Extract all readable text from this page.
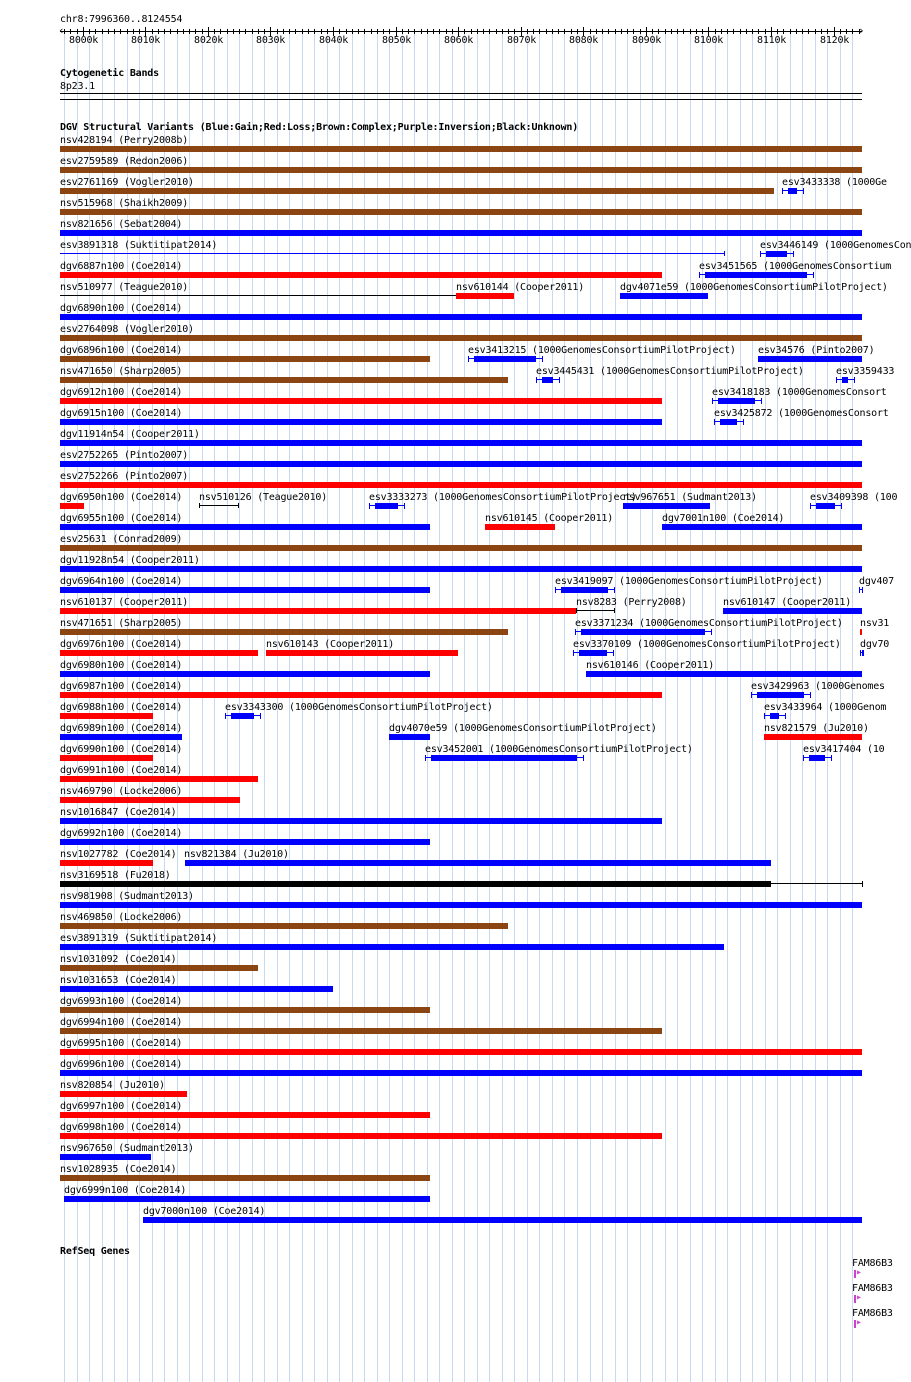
chr8:7996360..8124554
8000k	8010k	8020k	8030k	8040k	8050k	8060k	8070k	8080k	8090k	8100k	8110k	8120k
‹	›
Cytogenetic Bands
8p23.1
DGV Structural Variants (Blue:Gain;Red:Loss;Brown:Complex;Purple:Inversion;Black:Unknown)
nsv428194 (Perry2008b)
esv2759589 (Redon2006)
esv2761169 (Vogler2010)	esv3433338 (1000Ge
nsv515968 (Shaikh2009)
nsv821656 (Sebat2004)
esv3891318 (Suktitipat2014)	esv3446149 (1000GenomesCon
dgv6887n100 (Coe2014)	esv3451565 (1000GenomesConsortium
nsv510977 (Teague2010)	nsv610144 (Cooper2011)	dgv4071e59 (1000GenomesConsortiumPilotProject)
dgv6890n100 (Coe2014)
esv2764098 (Vogler2010)
dgv6896n100 (Coe2014)	esv3413215 (1000GenomesConsortiumPilotProject) esv34576 (Pinto2007)
nsv471650 (Sharp2005)	esv3445431 (1000GenomesConsortiumPilotProject)	esv3359433
dgv6912n100 (Coe2014)	esv3418183 (1000GenomesConsort
dgv6915n100 (Coe2014)	esv3425872 (1000GenomesConsort
dgv11914n54 (Cooper2011)
esv2752265 (Pinto2007)
esv2752266 (Pinto2007)
dgv6950n100 (Coe2014) nsv510126 (Teague2010)	esv3333273 (1000GenomesConsortiumPilotProject)
nsv967651 (Sudmant2013)	esv3409398 (100
dgv6955n100 (Coe2014)	nsv610145 (Cooper2011)	dgv7001n100 (Coe2014)
esv25631 (Conrad2009)
dgv11928n54 (Cooper2011)
dgv6964n100 (Coe2014)	esv3419097 (1000GenomesConsortiumPilotProject)	dgv407
nsv610137 (Cooper2011)	nsv8283 (Perry2008)	nsv610147 (Cooper2011)
nsv471651 (Sharp2005)	esv3371234 (1000GenomesConsortiumPilotProject) nsv31
dgv6976n100 (Coe2014)	nsv610143 (Cooper2011)	esv3370109 (1000GenomesConsortiumPilotProject) dgv70
dgv6980n100 (Coe2014)	nsv610146 (Cooper2011)
dgv6987n100 (Coe2014)	esv3429963 (1000Genomes
dgv6988n100 (Coe2014)	esv3343300 (1000GenomesConsortiumPilotProject)	esv3433964 (1000Genom
dgv6989n100 (Coe2014)	dgv4070e59 (1000GenomesConsortiumPilotProject)	nsv821579 (Ju2010)
dgv6990n100 (Coe2014)	esv3452001 (1000GenomesConsortiumPilotProject)	esv3417404 (10
dgv6991n100 (Coe2014)
nsv469790 (Locke2006)
nsv1016847 (Coe2014)
dgv6992n100 (Coe2014)
nsv1027782 (Coe2014) nsv821384 (Ju2010)
nsv3169518 (Fu2018)
nsv981908 (Sudmant2013)
nsv469850 (Locke2006)
esv3891319 (Suktitipat2014)
nsv1031092 (Coe2014)
nsv1031653 (Coe2014)
dgv6993n100 (Coe2014)
dgv6994n100 (Coe2014)
dgv6995n100 (Coe2014)
dgv6996n100 (Coe2014)
nsv820854 (Ju2010)
dgv6997n100 (Coe2014)
dgv6998n100 (Coe2014)
nsv967650 (Sudmant2013)
nsv1028935 (Coe2014)
dgv6999n100 (Coe2014)
dgv7000n100 (Coe2014)
RefSeq Genes
FAM86B3
▸
FAM86B3
▸
FAM86B3
▸
